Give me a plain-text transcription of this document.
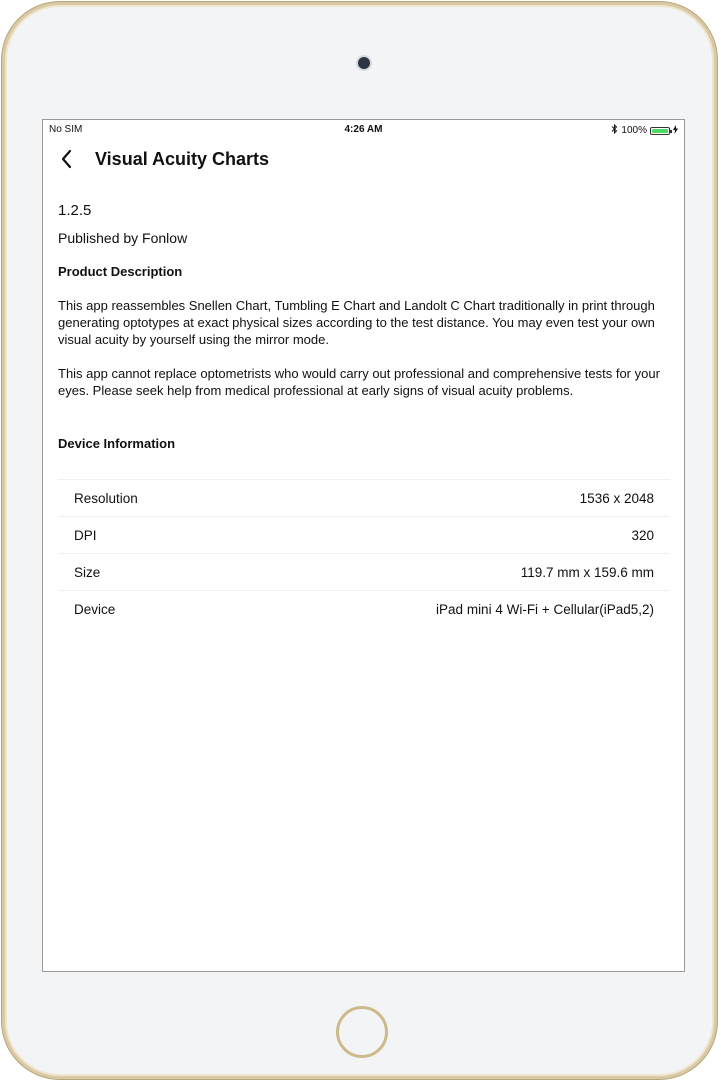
No SIM	4:26 AM	100%
Visual Acuity Charts
1.2.5
Published by Fonlow
Product Description
This app reassembles Snellen Chart, Tumbling E Chart and Landolt C Chart traditionally in print through generating optotypes at exact physical sizes according to the test distance. You may even test your own visual acuity by yourself using the mirror mode.
This app cannot replace optometrists who would carry out professional and comprehensive tests for your eyes. Please seek help from medical professional at early signs of visual acuity problems.
Device Information
Resolution	1536 x 2048
DPI	320
Size	119.7 mm x 159.6 mm
Device	iPad mini 4 Wi-Fi + Cellular(iPad5,2)
